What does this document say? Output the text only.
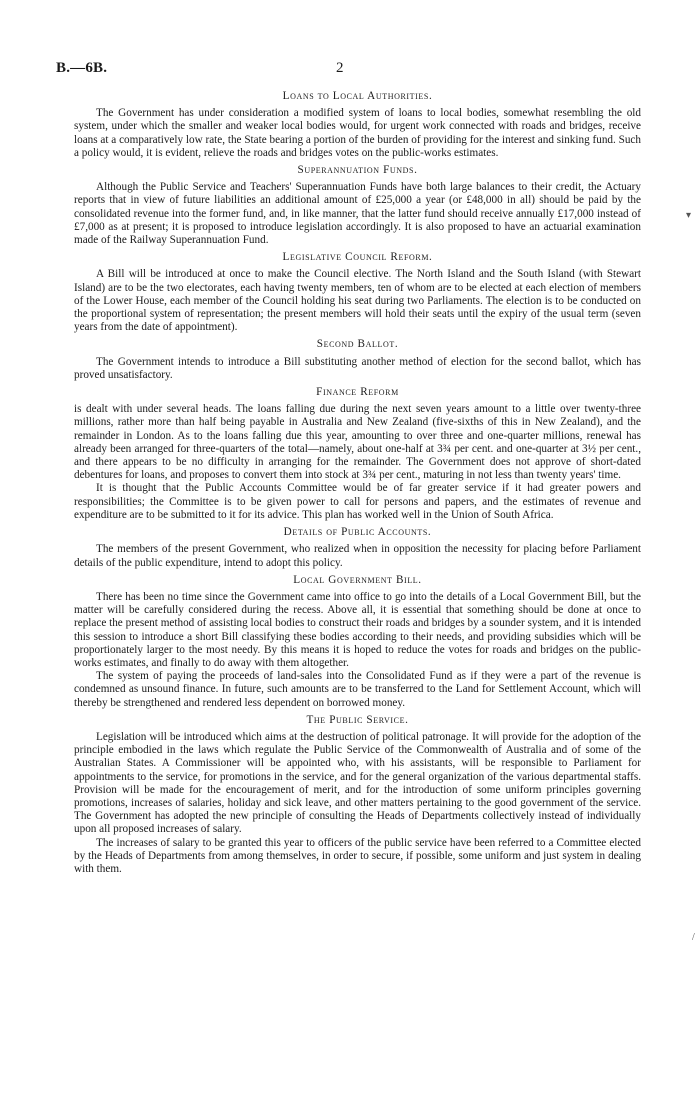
B.—6B.	2
▾
/
Loans to Local Authorities.

The Government has under consideration a modified system of loans to local bodies, somewhat resembling the old system, under which the smaller and weaker local bodies would, for urgent work connected with roads and bridges, receive loans at a comparatively low rate, the State bearing a portion of the burden of providing for the interest and sinking fund. Such a policy would, it is evident, relieve the roads and bridges votes on the public-works estimates.

Superannuation Funds.

Although the Public Service and Teachers' Superannuation Funds have both large balances to their credit, the Actuary reports that in view of future liabilities an additional amount of £25,000 a year (or £48,000 in all) should be paid by the consolidated revenue into the former fund, and, in like manner, that the latter fund should receive annually £17,000 instead of £7,000 as at present; it is proposed to introduce legislation accordingly. It is also proposed to have an actuarial examination made of the Railway Superannuation Fund.

Legislative Council Reform.

A Bill will be introduced at once to make the Council elective. The North Island and the South Island (with Stewart Island) are to be the two electorates, each having twenty members, ten of whom are to be elected at each election of members of the Lower House, each member of the Council holding his seat during two Parliaments. The election is to be conducted on the proportional system of representation; the present members will hold their seats until the expiry of the usual term (seven years from the date of appointment).

Second Ballot.

The Government intends to introduce a Bill substituting another method of election for the second ballot, which has proved unsatisfactory.

Finance Reform

is dealt with under several heads. The loans falling due during the next seven years amount to a little over twenty-three millions, rather more than half being payable in Australia and New Zealand (five-sixths of this in New Zealand), and the remainder in London. As to the loans falling due this year, amounting to over three and one-quarter millions, renewal has already been arranged for three-quarters of the total—namely, about one-half at 3¾ per cent. and one-quarter at 3½ per cent., and there appears to be no difficulty in arranging for the remainder. The Government does not approve of short-dated debentures for loans, and proposes to convert them into stock at 3¾ per cent., maturing in not less than twenty years' time.

It is thought that the Public Accounts Committee would be of far greater service if it had greater powers and responsibilities; the Committee is to be given power to call for persons and papers, and the estimates of revenue and expenditure are to be submitted to it for its advice. This plan has worked well in the Union of South Africa.

Details of Public Accounts.

The members of the present Government, who realized when in opposition the necessity for placing before Parliament details of the public expenditure, intend to adopt this policy.

Local Government Bill.

There has been no time since the Government came into office to go into the details of a Local Government Bill, but the matter will be carefully considered during the recess. Above all, it is essential that something should be done at once to replace the present method of assisting local bodies to construct their roads and bridges by a sounder system, and it is intended this session to introduce a short Bill classifying these bodies according to their needs, and providing subsidies which will be proportionately larger to the most needy. By this means it is hoped to reduce the votes for roads and bridges on the public-works estimates, and finally to do away with them altogether.

The system of paying the proceeds of land-sales into the Consolidated Fund as if they were a part of the revenue is condemned as unsound finance. In future, such amounts are to be transferred to the Land for Settlement Account, which will thereby be strengthened and rendered less dependent on borrowed money.

The Public Service.

Legislation will be introduced which aims at the destruction of political patronage. It will provide for the adoption of the principle embodied in the laws which regulate the Public Service of the Commonwealth of Australia and of some of the Australian States. A Commissioner will be appointed who, with his assistants, will be responsible to Parliament for appointments to the service, for promotions in the service, and for the general organization of the various departmental staffs. Provision will be made for the encouragement of merit, and for the introduction of some uniform principles governing promotions, increases of salaries, holiday and sick leave, and other matters pertaining to the good government of the service. The Government has adopted the new principle of consulting the Heads of Departments collectively instead of individually upon all proposed increases of salary.

The increases of salary to be granted this year to officers of the public service have been referred to a Committee elected by the Heads of Departments from among themselves, in order to secure, if possible, some uniform and just system in dealing with them.
